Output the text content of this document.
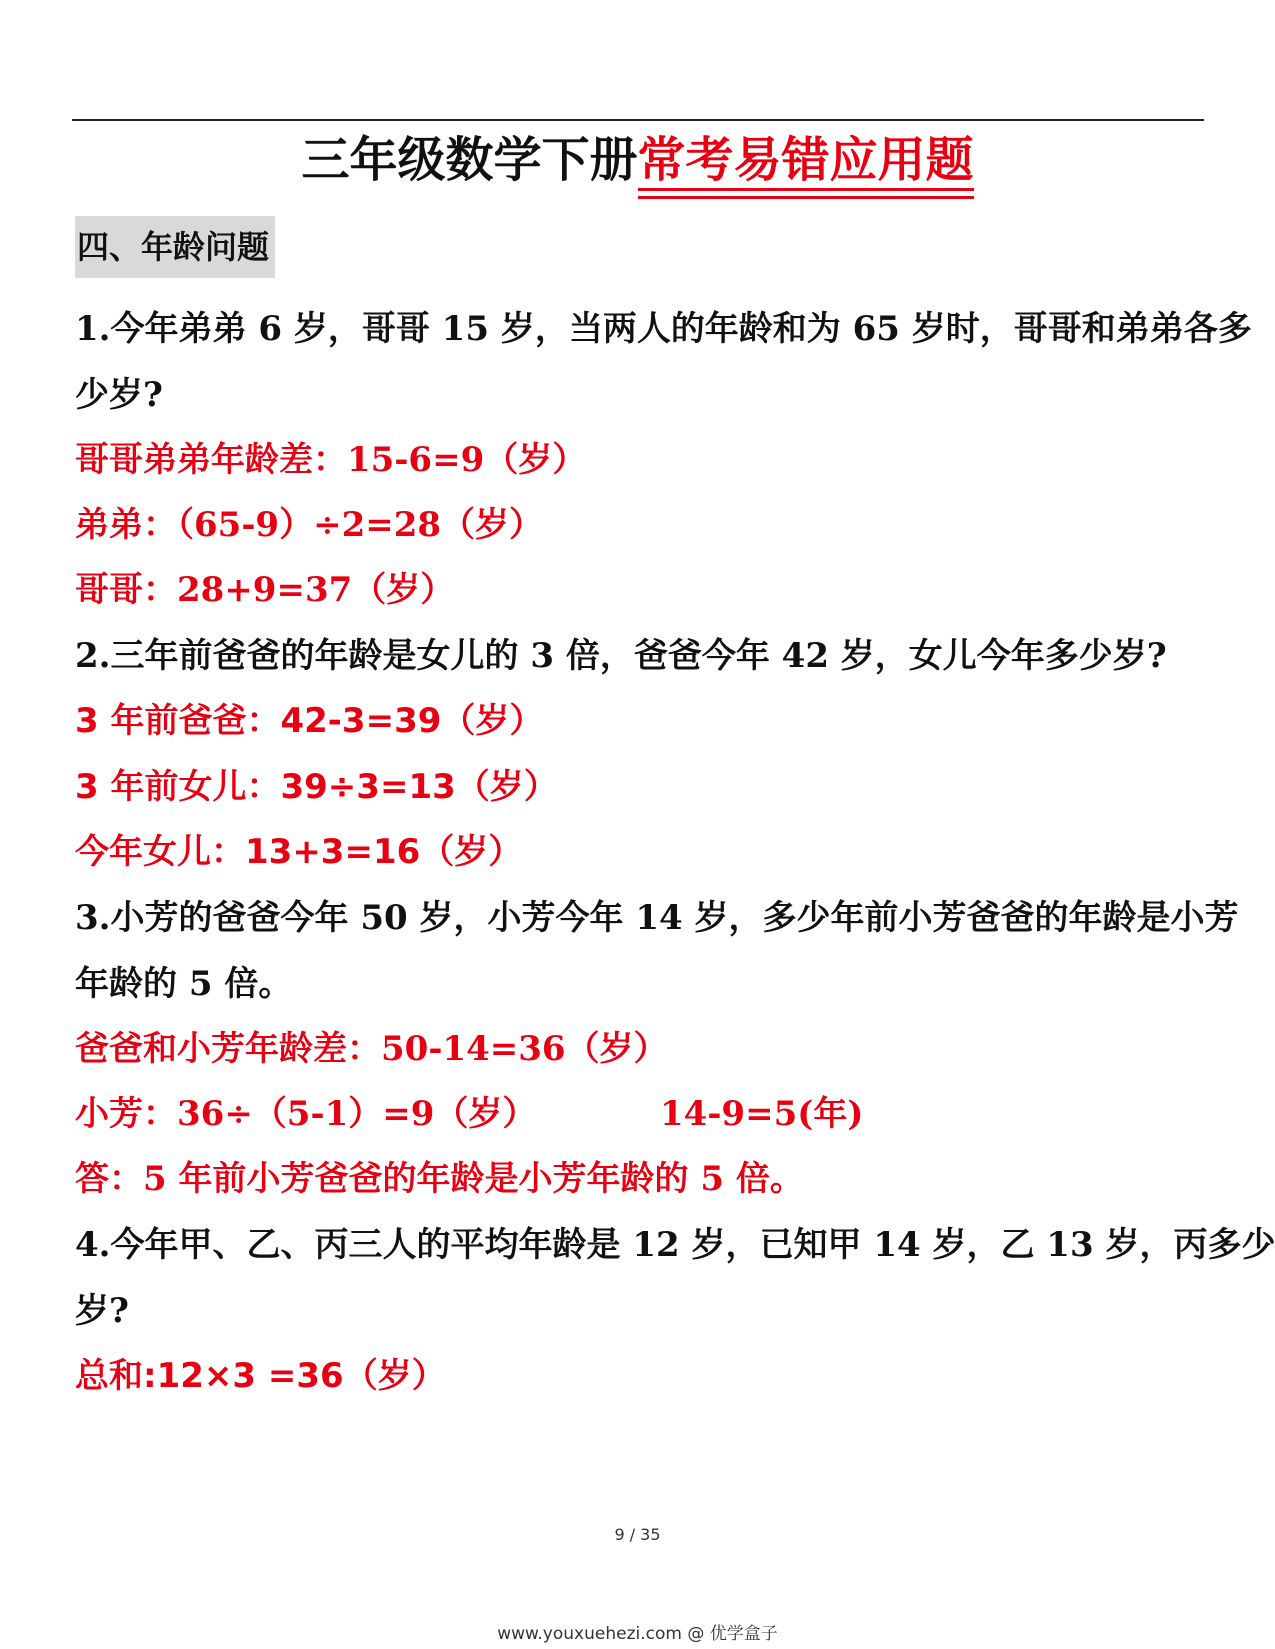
三年级数学下册常考易错应用题
四、年龄问题
1.今年弟弟 6 岁，哥哥 15 岁，当两人的年龄和为 65 岁时，哥哥和弟弟各多
少岁?
哥哥弟弟年龄差：15-6=9（岁）
弟弟：（65-9）÷2=28（岁）
哥哥：28+9=37（岁）
2.三年前爸爸的年龄是女儿的 3 倍，爸爸今年 42 岁，女儿今年多少岁?
3 年前爸爸：42-3=39（岁）
3 年前女儿：39÷3=13（岁）
今年女儿：13+3=16（岁）
3.小芳的爸爸今年 50 岁，小芳今年 14 岁，多少年前小芳爸爸的年龄是小芳
年龄的 5 倍。
爸爸和小芳年龄差：50-14=36（岁）
小芳：36÷（5-1）=9（岁）	14-9=5(年)
答：5 年前小芳爸爸的年龄是小芳年龄的 5 倍。
4.今年甲、乙、丙三人的平均年龄是 12 岁，已知甲 14 岁，乙 13 岁，丙多少
岁?
总和:12×3 =36（岁）
9 / 35
www.youxuehezi.com @ 优学盒子
